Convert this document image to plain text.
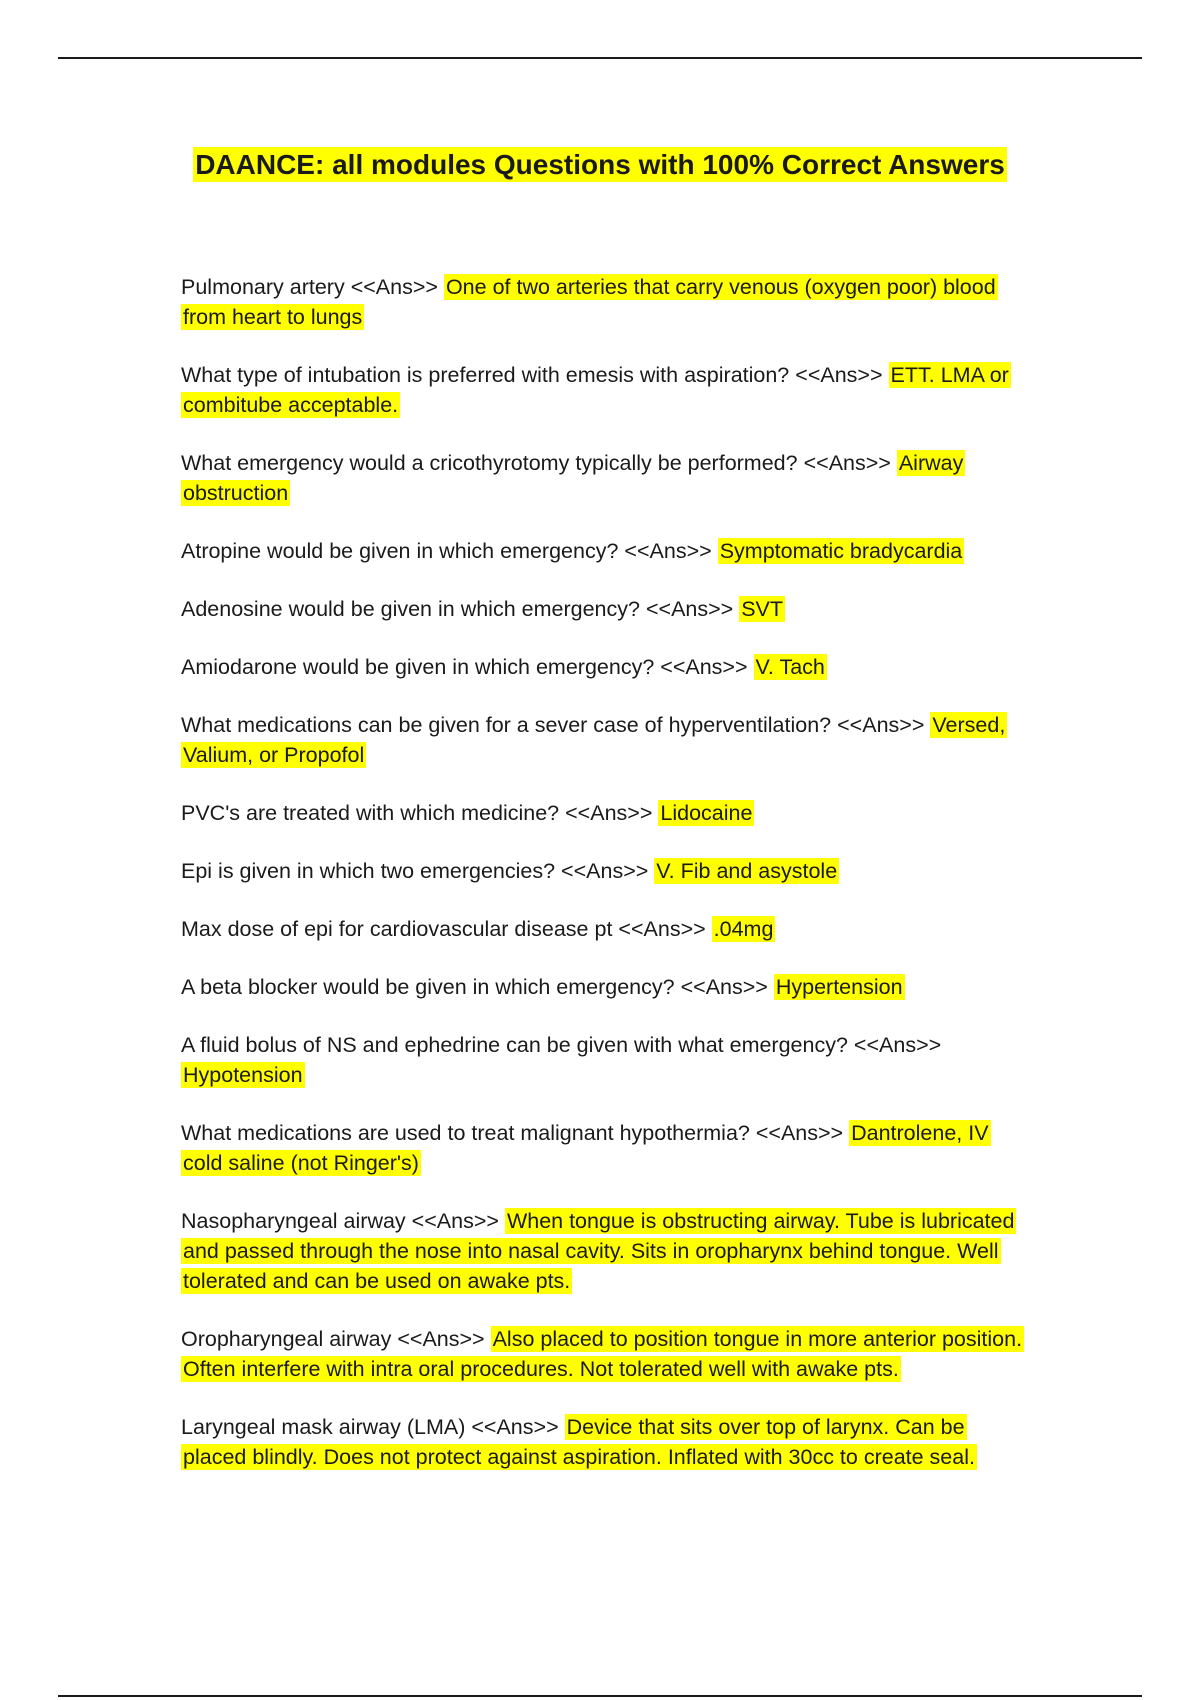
DAANCE: all modules Questions with 100% Correct Answers

Pulmonary artery <<Ans>> One of two arteries that carry venous (oxygen poor) blood from heart to lungs

What type of intubation is preferred with emesis with aspiration? <<Ans>> ETT. LMA or combitube acceptable.

What emergency would a cricothyrotomy typically be performed? <<Ans>> Airway obstruction

Atropine would be given in which emergency? <<Ans>> Symptomatic bradycardia

Adenosine would be given in which emergency? <<Ans>> SVT

Amiodarone would be given in which emergency? <<Ans>> V. Tach

What medications can be given for a sever case of hyperventilation? <<Ans>> Versed, Valium, or Propofol

PVC's are treated with which medicine? <<Ans>> Lidocaine

Epi is given in which two emergencies? <<Ans>> V. Fib and asystole

Max dose of epi for cardiovascular disease pt <<Ans>> .04mg

A beta blocker would be given in which emergency? <<Ans>> Hypertension

A fluid bolus of NS and ephedrine can be given with what emergency? <<Ans>> Hypotension

What medications are used to treat malignant hypothermia? <<Ans>> Dantrolene, IV cold saline (not Ringer's)

Nasopharyngeal airway <<Ans>> When tongue is obstructing airway. Tube is lubricated and passed through the nose into nasal cavity. Sits in oropharynx behind tongue. Well tolerated and can be used on awake pts.

Oropharyngeal airway <<Ans>> Also placed to position tongue in more anterior position. Often interfere with intra oral procedures. Not tolerated well with awake pts.

Laryngeal mask airway (LMA) <<Ans>> Device that sits over top of larynx. Can be placed blindly. Does not protect against aspiration. Inflated with 30cc to create seal.
